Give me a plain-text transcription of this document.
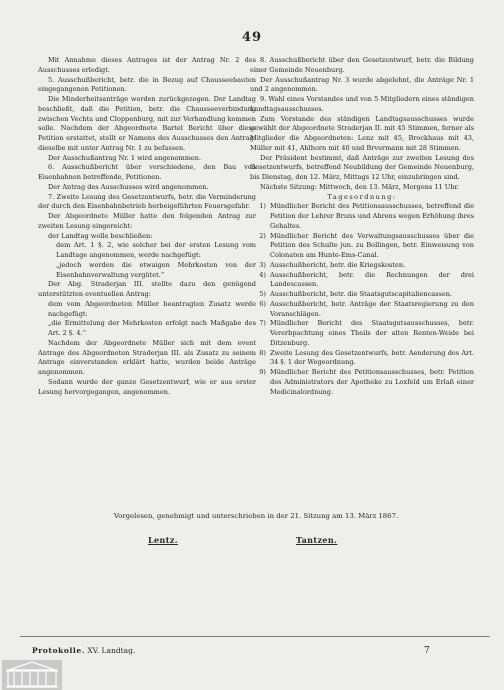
49

Mit Annahme dieses Antrages ist der Antrag Nr. 2 des Ausschusses erledigt.

5. Ausschußbericht, betr. die in Bezug auf Chausseebauten eingegangenen Petitionen.

Die Minderheitsanträge werden zurückgezogen. Der Landtag beschließt, daß die Petition, betr. die Chausseeverbindung zwischen Vechta und Cloppenburg, mit zur Verhandlung kommen solle. Nachdem der Abgeordnete Bartel Bericht über diese Petition erstattet, stellt er Namens des Ausschusses den Antrag: dieselbe mit unter Antrag Nr. 1 zu befassen.

Der Ausschußantrag Nr. 1 wird angenommen.

6. Ausschußbericht über verschiedene, den Bau von Eisenbahnen betreffende, Petitionen.

Der Antrag des Ausschusses wird angenommen.

7. Zweite Lesung des Gesetzentwurfs, betr. die Verminderung der durch den Eisenbahnbetrieb herbeigeführten Feuersgefahr.

Der Abgeordnete Müller hatte den folgenden Antrag zur zweiten Lesung eingereicht:

der Landtag wolle beschließen:

dem Art. 1 §. 2, wie solcher bei der ersten Lesung vom Landtage angenommen, werde nachgefügt:

„jedoch werden die etwaigen Mehrkosten von der Eisenbahnverwaltung vergütet.“

Der Abg. Straderjan III. stellte dazu den genügend unterstützten eventuellen Antrag:

dem vom Abgeordneten Müller beantragten Zusatz werde nachgefügt:

„die Ermittelung der Mehrkosten erfolgt nach Maßgabe des Art. 2 §. 4.“

Nachdem der Abgeordnete Müller sich mit dem event Antrage des Abgeordneten Straderjan III. als Zusatz zu seinem Antrage einverstanden erklärt hatte, wurden beide Anträge angenommen.

Sodann wurde der ganze Gesetzentwurf, wie er aus erster Lesung hervorgegangen, angenommen.

8. Ausschußbericht über den Gesetzentwurf, betr. die Bildung einer Gemeinde Neuenburg.

Der Ausschußantrag Nr. 3 wurde abgelehnt, die Anträge Nr. 1 und 2 angenommen.

9. Wahl eines Vorstandes und von 5 Mitgliedern eines ständigen Landtagsausschusses.

Zum Vorstande des ständigen Landtagsausschusses wurde gewählt der Abgeordnete Straderjan II. mit 45 Stimmen, ferner als Mitglieder die Abgeordneten: Lenz mit 45, Brockhaus mit 43, Müller mit 41, Ahlhorn mit 40 und Brvermann mit 28 Stimmen.

Der Präsident bestimmt, daß Anträge zur zweiten Lesung des Gesetzentwurfs, betreffend Neubildung der Gemeinde Neuenburg, bis Dienstag, den 12. März, Mittags 12 Uhr, einzubringen sind.

Nächste Sitzung: Mittwoch, den 13. März, Morgens 11 Uhr.

Tagesordnung:

1) Mündlicher Bericht des Petitionsausschusses, betreffend die Petition der Lehrer Bruns und Ahrens wegen Erhöhung ihres Gehaltes.
2) Mündlicher Bericht des Verwaltungsausschusses über die Petition des Schulte jun. zu Bollingen, betr. Einweisung von Colonaten am Hunte-Ems-Canal.
3) Ausschußbericht, betr. die Kriegskosten.
4) Ausschußbericht, betr. die Rechnungen der drei Landescassen.
5) Ausschußbericht, betr. die Staatsgutscapitaliencassen.
6) Ausschußbericht, betr. Anträge der Staatsregierung zu den Voranschlägen.
7) Mündlicher Bericht des Staatsgutsausschusses, betr. Vererbpachtung eines Theils der alten Renten-Weide bei Ditzenburg.
8) Zweite Lesung des Gesetzentwurfs, betr. Aenderung des Art. 34 §. 1 der Wegeordnung.
9) Mündlicher Bericht des Petitionsausschusses, betr. Petition des Administrators der Apotheke zu Loxfeld um Erlaß einer Medicinalordnung.
Vorgelesen, genehmigt und unterschrieben in der 21. Sitzung am 13. März 1867.
Lentz.	Tantzen.
Protokolle. XV. Landtag.	7
